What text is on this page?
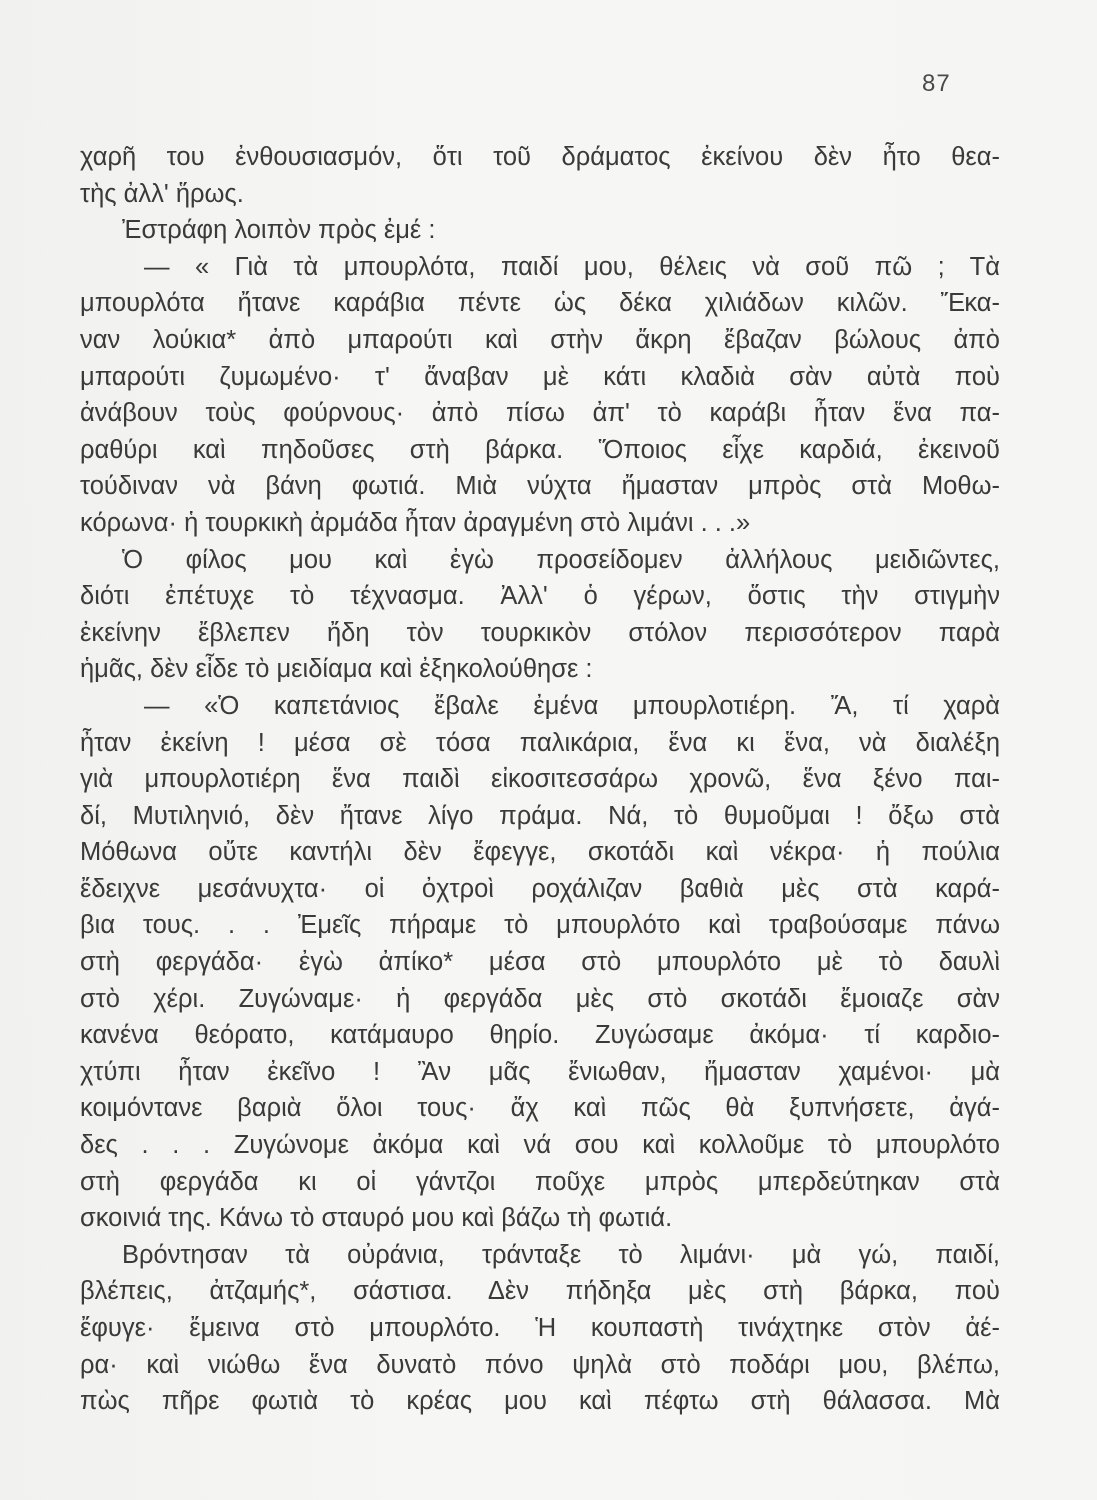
87
χαρῆ του ἐνθουσιασμόν, ὅτι τοῦ δράματος ἐκείνου δὲν ἦτο θεα-
τὴς ἀλλ' ἥρως.
Ἐστράφη λοιπὸν πρὸς ἐμέ :
— « Γιὰ τὰ μπουρλότα, παιδί μου, θέλεις νὰ σοῦ πῶ ; Τὰ
μπουρλότα ἤτανε καράβια πέντε ὡς δέκα χιλιάδων κιλῶν. Ἔκα-
ναν λούκια* ἀπὸ μπαρούτι καὶ στὴν ἄκρη ἔβαζαν βώλους ἀπὸ
μπαρούτι ζυμωμένο· τ' ἄναβαν μὲ κάτι κλαδιὰ σὰν αὐτὰ ποὺ
ἀνάβουν τοὺς φούρνους· ἀπὸ πίσω ἀπ' τὸ καράβι ἦταν ἕνα πα-
ραθύρι καὶ πηδοῦσες στὴ βάρκα. Ὅποιος εἶχε καρδιά, ἐκεινοῦ
τούδιναν νὰ βάνη φωτιά. Μιὰ νύχτα ἤμασταν μπρὸς στὰ Μοθω-
κόρωνα· ἡ τουρκικὴ ἀρμάδα ἦταν ἀραγμένη στὸ λιμάνι . . .»
Ὁ φίλος μου καὶ ἐγὼ προσείδομεν ἀλλήλους μειδιῶντες,
διότι ἐπέτυχε τὸ τέχνασμα. Ἀλλ' ὁ γέρων, ὅστις τὴν στιγμὴν
ἐκείνην ἔβλεπεν ἤδη τὸν τουρκικὸν στόλον περισσότερον παρὰ
ἡμᾶς, δὲν εἶδε τὸ μειδίαμα καὶ ἐξηκολούθησε :
— «Ὁ καπετάνιος ἔβαλε ἐμένα μπουρλοτιέρη. Ἄ, τί χαρὰ
ἦταν ἐκείνη ! μέσα σὲ τόσα παλικάρια, ἕνα κι ἕνα, νὰ διαλέξη
γιὰ μπουρλοτιέρη ἕνα παιδὶ εἰκοσιτεσσάρω χρονῶ, ἕνα ξένο παι-
δί, Μυτιληνιό, δὲν ἤτανε λίγο πράμα. Νά, τὸ θυμοῦμαι ! ὄξω στὰ
Μόθωνα οὔτε καντήλι δὲν ἔφεγγε, σκοτάδι καὶ νέκρα· ἡ πούλια
ἔδειχνε μεσάνυχτα· οἱ ὀχτροὶ ροχάλιζαν βαθιὰ μὲς στὰ καρά-
βια τους. . . Ἐμεῖς πήραμε τὸ μπουρλότο καὶ τραβούσαμε πάνω
στὴ φεργάδα· ἐγὼ ἀπίκο* μέσα στὸ μπουρλότο μὲ τὸ δαυλὶ
στὸ χέρι. Ζυγώναμε· ἡ φεργάδα μὲς στὸ σκοτάδι ἔμοιαζε σὰν
κανένα θεόρατο, κατάμαυρο θηρίο. Ζυγώσαμε ἀκόμα· τί καρδιο-
χτύπι ἦταν ἐκεῖνο ! Ἂν μᾶς ἔνιωθαν, ἤμασταν χαμένοι· μὰ
κοιμόντανε βαριὰ ὅλοι τους· ἄχ καὶ πῶς θὰ ξυπνήσετε, ἀγά-
δες . . . Ζυγώνομε ἀκόμα καὶ νά σου καὶ κολλοῦμε τὸ μπουρλότο
στὴ φεργάδα κι οἱ γάντζοι ποῦχε μπρὸς μπερδεύτηκαν στὰ
σκοινιά της. Κάνω τὸ σταυρό μου καὶ βάζω τὴ φωτιά.
Βρόντησαν τὰ οὐράνια, τράνταξε τὸ λιμάνι· μὰ γώ, παιδί,
βλέπεις, ἀτζαμής*, σάστισα. Δὲν πήδηξα μὲς στὴ βάρκα, ποὺ
ἔφυγε· ἔμεινα στὸ μπουρλότο. Ἡ κουπαστὴ τινάχτηκε στὸν ἀέ-
ρα· καὶ νιώθω ἕνα δυνατὸ πόνο ψηλὰ στὸ ποδάρι μου, βλέπω,
πὼς πῆρε φωτιὰ τὸ κρέας μου καὶ πέφτω στὴ θάλασσα. Μὰ
